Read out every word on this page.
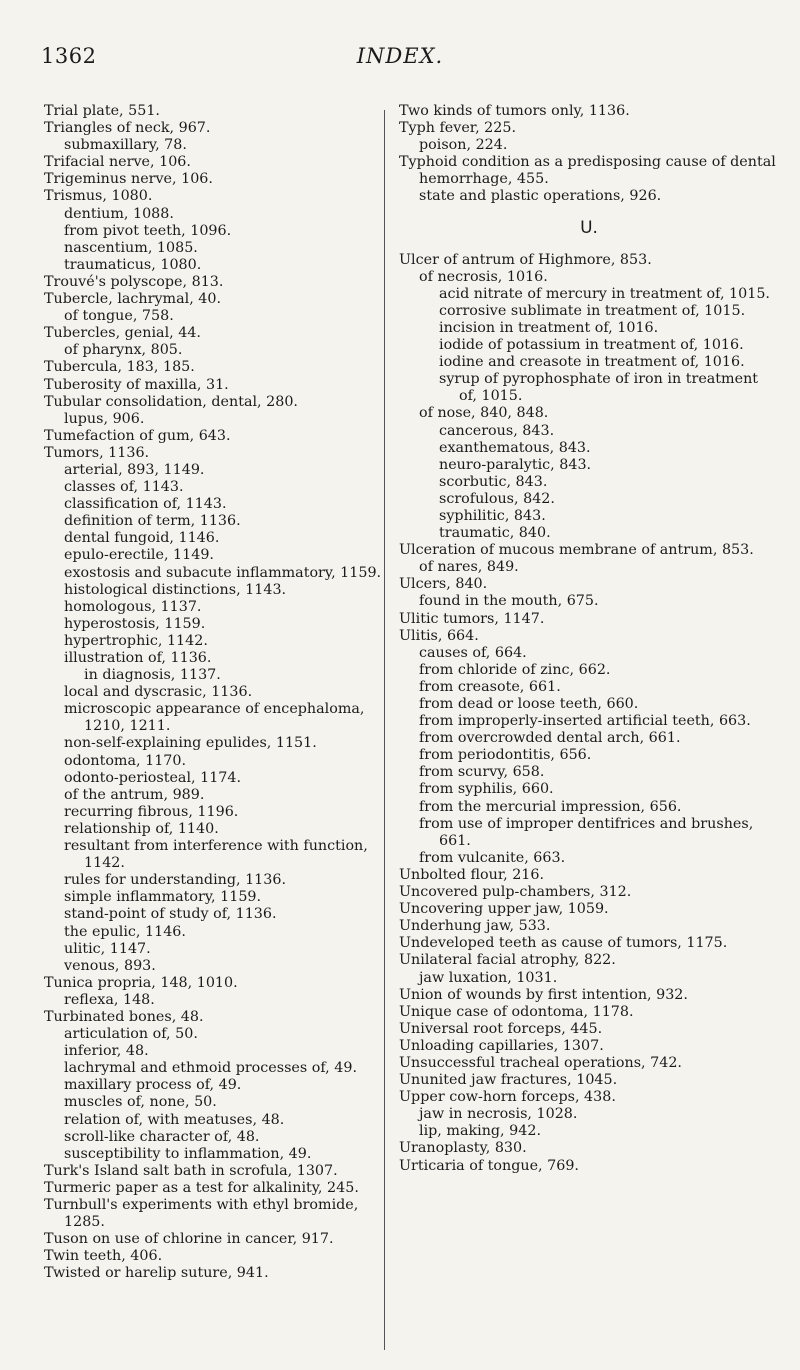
1362	INDEX.
Trial plate, 551.
Triangles of neck, 967.
submaxillary, 78.
Trifacial nerve, 106.
Trigeminus nerve, 106.
Trismus, 1080.
dentium, 1088.
from pivot teeth, 1096.
nascentium, 1085.
traumaticus, 1080.
Trouvé's polyscope, 813.
Tubercle, lachrymal, 40.
of tongue, 758.
Tubercles, genial, 44.
of pharynx, 805.
Tubercula, 183, 185.
Tuberosity of maxilla, 31.
Tubular consolidation, dental, 280.
lupus, 906.
Tumefaction of gum, 643.
Tumors, 1136.
arterial, 893, 1149.
classes of, 1143.
classification of, 1143.
definition of term, 1136.
dental fungoid, 1146.
epulo-erectile, 1149.
exostosis and subacute inflammatory, 1159.
histological distinctions, 1143.
homologous, 1137.
hyperostosis, 1159.
hypertrophic, 1142.
illustration of, 1136.
in diagnosis, 1137.
local and dyscrasic, 1136.
microscopic appearance of encephaloma, 1210, 1211.
non-self-explaining epulides, 1151.
odontoma, 1170.
odonto-periosteal, 1174.
of the antrum, 989.
recurring fibrous, 1196.
relationship of, 1140.
resultant from interference with function, 1142.
rules for understanding, 1136.
simple inflammatory, 1159.
stand-point of study of, 1136.
the epulic, 1146.
ulitic, 1147.
venous, 893.
Tunica propria, 148, 1010.
reflexa, 148.
Turbinated bones, 48.
articulation of, 50.
inferior, 48.
lachrymal and ethmoid processes of, 49.
maxillary process of, 49.
muscles of, none, 50.
relation of, with meatuses, 48.
scroll-like character of, 48.
susceptibility to inflammation, 49.
Turk's Island salt bath in scrofula, 1307.
Turmeric paper as a test for alkalinity, 245.
Turnbull's experiments with ethyl bromide, 1285.
Tuson on use of chlorine in cancer, 917.
Twin teeth, 406.
Twisted or harelip suture, 941.
Two kinds of tumors only, 1136.
Typh fever, 225.
poison, 224.
Typhoid condition as a predisposing cause of dental hemorrhage, 455.
state and plastic operations, 926.
U.
Ulcer of antrum of Highmore, 853.
of necrosis, 1016.
acid nitrate of mercury in treatment of, 1015.
corrosive sublimate in treatment of, 1015.
incision in treatment of, 1016.
iodide of potassium in treatment of, 1016.
iodine and creasote in treatment of, 1016.
syrup of pyrophosphate of iron in treatment of, 1015.
of nose, 840, 848.
cancerous, 843.
exanthematous, 843.
neuro-paralytic, 843.
scorbutic, 843.
scrofulous, 842.
syphilitic, 843.
traumatic, 840.
Ulceration of mucous membrane of antrum, 853.
of nares, 849.
Ulcers, 840.
found in the mouth, 675.
Ulitic tumors, 1147.
Ulitis, 664.
causes of, 664.
from chloride of zinc, 662.
from creasote, 661.
from dead or loose teeth, 660.
from improperly-inserted artificial teeth, 663.
from overcrowded dental arch, 661.
from periodontitis, 656.
from scurvy, 658.
from syphilis, 660.
from the mercurial impression, 656.
from use of improper dentifrices and brushes, 661.
from vulcanite, 663.
Unbolted flour, 216.
Uncovered pulp-chambers, 312.
Uncovering upper jaw, 1059.
Underhung jaw, 533.
Undeveloped teeth as cause of tumors, 1175.
Unilateral facial atrophy, 822.
jaw luxation, 1031.
Union of wounds by first intention, 932.
Unique case of odontoma, 1178.
Universal root forceps, 445.
Unloading capillaries, 1307.
Unsuccessful tracheal operations, 742.
Ununited jaw fractures, 1045.
Upper cow-horn forceps, 438.
jaw in necrosis, 1028.
lip, making, 942.
Uranoplasty, 830.
Urticaria of tongue, 769.
